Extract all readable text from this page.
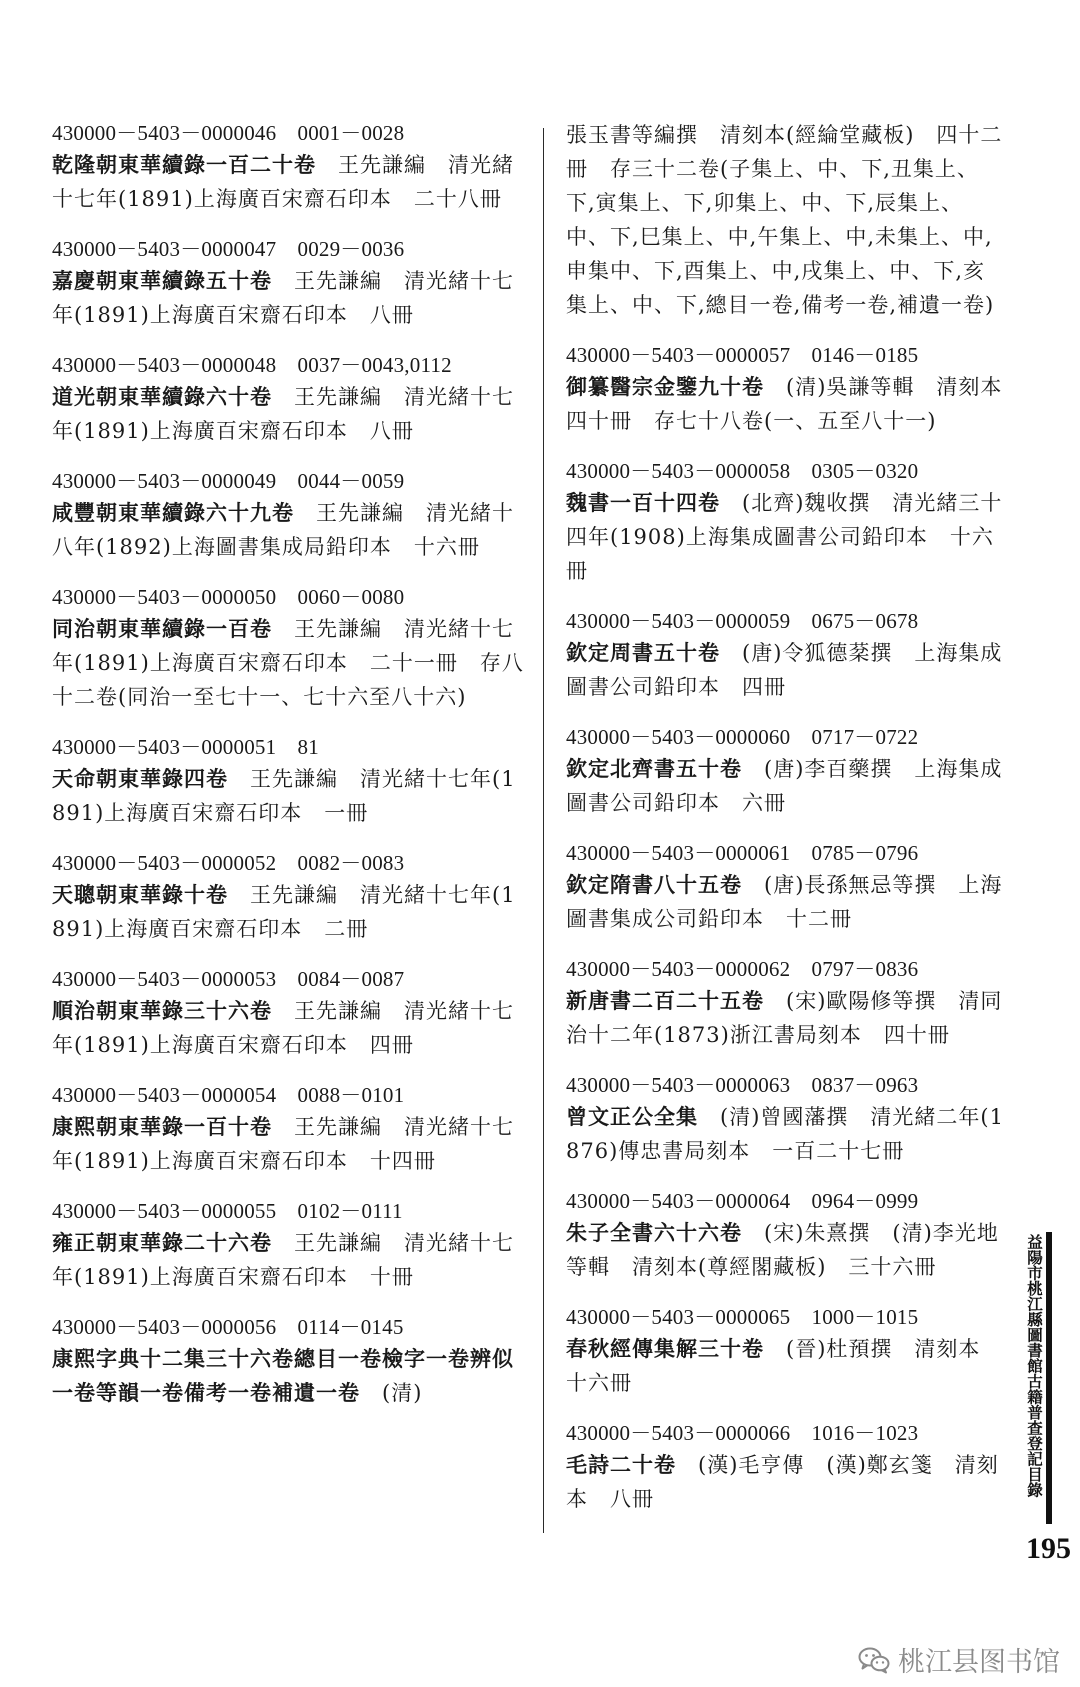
430000－5403－0000046　0001－0028
乾隆朝東華續錄一百二十卷　王先謙編　清光緒十七年(1891)上海廣百宋齋石印本　二十八冊
430000－5403－0000047　0029－0036
嘉慶朝東華續錄五十卷　王先謙編　清光緒十七年(1891)上海廣百宋齋石印本　八冊
430000－5403－0000048　0037－0043,0112
道光朝東華續錄六十卷　王先謙編　清光緒十七年(1891)上海廣百宋齋石印本　八冊
430000－5403－0000049　0044－0059
咸豐朝東華續錄六十九卷　王先謙編　清光緒十八年(1892)上海圖書集成局鉛印本　十六冊
430000－5403－0000050　0060－0080
同治朝東華續錄一百卷　王先謙編　清光緒十七年(1891)上海廣百宋齋石印本　二十一冊　存八十二卷(同治一至七十一、七十六至八十六)
430000－5403－0000051　81
天命朝東華錄四卷　王先謙編　清光緒十七年(1891)上海廣百宋齋石印本　一冊
430000－5403－0000052　0082－0083
天聰朝東華錄十卷　王先謙編　清光緒十七年(1891)上海廣百宋齋石印本　二冊
430000－5403－0000053　0084－0087
順治朝東華錄三十六卷　王先謙編　清光緒十七年(1891)上海廣百宋齋石印本　四冊
430000－5403－0000054　0088－0101
康熙朝東華錄一百十卷　王先謙編　清光緒十七年(1891)上海廣百宋齋石印本　十四冊
430000－5403－0000055　0102－0111
雍正朝東華錄二十六卷　王先謙編　清光緒十七年(1891)上海廣百宋齋石印本　十冊
430000－5403－0000056　0114－0145
康熙字典十二集三十六卷總目一卷檢字一卷辨似一卷等韻一卷備考一卷補遺一卷　(清)
張玉書等編撰　清刻本(經綸堂藏板)　四十二冊　存三十二卷(子集上、中、下,丑集上、下,寅集上、下,卯集上、中、下,辰集上、中、下,巳集上、中,午集上、中,未集上、中,申集中、下,酉集上、中,戌集上、中、下,亥集上、中、下,總目一卷,備考一卷,補遺一卷)
430000－5403－0000057　0146－0185
御纂醫宗金鑒九十卷　(清)吳謙等輯　清刻本　四十冊　存七十八卷(一、五至八十一)
430000－5403－0000058　0305－0320
魏書一百十四卷　(北齊)魏收撰　清光緒三十四年(1908)上海集成圖書公司鉛印本　十六冊
430000－5403－0000059　0675－0678
欽定周書五十卷　(唐)令狐德棻撰　上海集成圖書公司鉛印本　四冊
430000－5403－0000060　0717－0722
欽定北齊書五十卷　(唐)李百藥撰　上海集成圖書公司鉛印本　六冊
430000－5403－0000061　0785－0796
欽定隋書八十五卷　(唐)長孫無忌等撰　上海圖書集成公司鉛印本　十二冊
430000－5403－0000062　0797－0836
新唐書二百二十五卷　(宋)歐陽修等撰　清同治十二年(1873)浙江書局刻本　四十冊
430000－5403－0000063　0837－0963
曾文正公全集　(清)曾國藩撰　清光緒二年(1876)傳忠書局刻本　一百二十七冊
430000－5403－0000064　0964－0999
朱子全書六十六卷　(宋)朱熹撰　(清)李光地等輯　清刻本(尊經閣藏板)　三十六冊
430000－5403－0000065　1000－1015
春秋經傳集解三十卷　(晉)杜預撰　清刻本　十六冊
430000－5403－0000066　1016－1023
毛詩二十卷　(漢)毛亨傳　(漢)鄭玄箋　清刻本　八冊
益陽市桃江縣圖書館古籍普查登記目錄
195
桃江县图书馆
